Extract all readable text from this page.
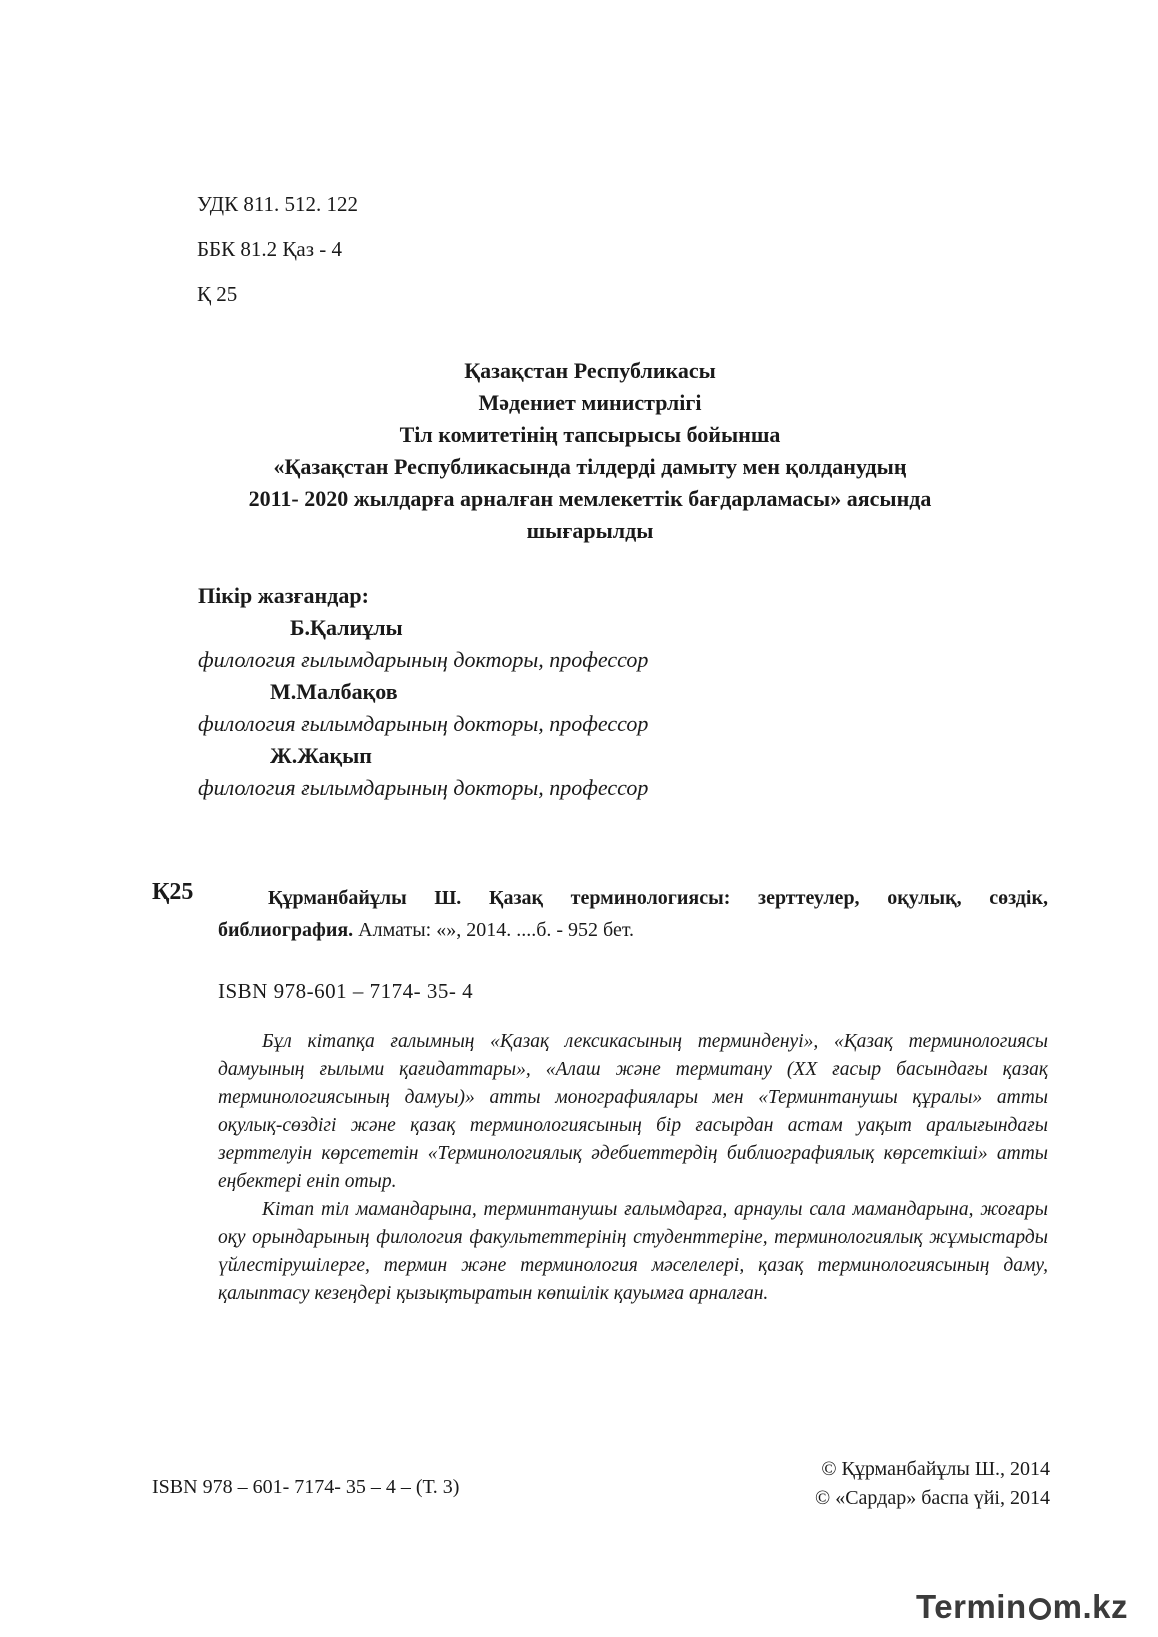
УДК 811. 512. 122
ББК 81.2 Қаз - 4
Қ 25
Қазақстан Республикасы
Мәдениет министрлігі
Тіл комитетінің тапсырысы бойынша
«Қазақстан Республикасында тілдерді дамыту мен қолданудың
2011- 2020 жылдарға арналған мемлекеттік бағдарламасы» аясында
шығарылды
Пікір жазғандар:
Б.Қалиұлы
филология ғылымдарының докторы, профессор
М.Малбақов
филология ғылымдарының докторы, профессор
Ж.Жақып
филология ғылымдарының докторы, профессор
Қ25	Құрманбайұлы Ш. Қазақ терминологиясы: зерттеулер, оқулық, сөздік, библиография. Алматы: «», 2014. ....б. - 952 бет.
ISBN 978-601 – 7174- 35- 4

Бұл кітапқа ғалымның «Қазақ лексикасының терминденуі», «Қазақ терминологиясы дамуының ғылыми қағидаттары», «Алаш және термитану (ХХ ғасыр басындағы қазақ терминологиясының дамуы)» атты монографиялары мен «Терминтанушы құралы» атты оқулық-сөздігі және қазақ терминологиясының бір ғасырдан астам уақыт аралығындағы зерттелуін көрсететін «Терминологиялық әдебиеттердің библиографиялық көрсеткіші» атты еңбектері еніп отыр.

Кітап тіл мамандарына, терминтанушы ғалымдарға, арнаулы сала мамандарына, жоғары оқу орындарының филология факультеттерінің студенттеріне, терминологиялық жұмыстарды үйлестірушілерге, термин және терминология мәселелері, қазақ терминологиясының даму, қалыптасу кезеңдері қызықтыратын көпшілік қауымға арналған.

ISBN 978 – 601- 7174- 35 – 4 – (Т. 3)
© Құрманбайұлы Ш., 2014
© «Сардар» баспа үйі, 2014
Termin m.kz
